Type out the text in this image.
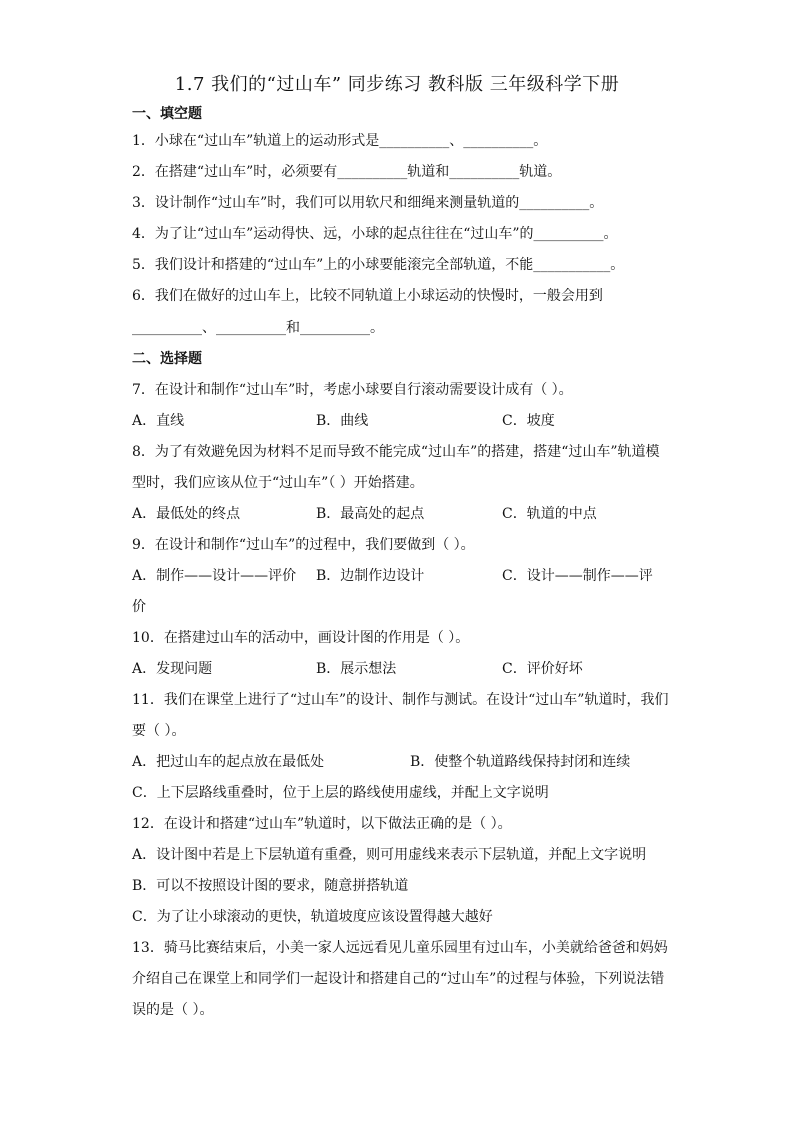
1.7 我们的“过山车” 同步练习 教科版 三年级科学下册
一、填空题
1．小球在“过山车”轨道上的运动形式是__________、__________。
2．在搭建“过山车”时，必须要有__________轨道和__________轨道。
3．设计制作“过山车”时，我们可以用软尺和细绳来测量轨道的__________。
4．为了让“过山车”运动得快、远，小球的起点往往在“过山车”的__________。
5．我们设计和搭建的“过山车”上的小球要能滚完全部轨道，不能___________。
6．我们在做好的过山车上，比较不同轨道上小球运动的快慢时，一般会用到
__________、__________和__________。
二、选择题
7．在设计和制作“过山车”时，考虑小球要自行滚动需要设计成有（ ）。
A．直线	B．曲线	C．坡度
8．为了有效避免因为材料不足而导致不能完成“过山车”的搭建，搭建“过山车”轨道模
型时，我们应该从位于“过山车”（ ）开始搭建。
A．最低处的终点	B．最高处的起点	C．轨道的中点
9．在设计和制作“过山车”的过程中，我们要做到（ ）。
A．制作——设计——评价 B．边制作边设计	C．设计——制作——评
价
10．在搭建过山车的活动中，画设计图的作用是（ ）。
A．发现问题	B．展示想法	C．评价好坏
11．我们在课堂上进行了“过山车”的设计、制作与测试。在设计“过山车”轨道时，我们
要（ ）。
A．把过山车的起点放在最低处	B．使整个轨道路线保持封闭和连续
C．上下层路线重叠时，位于上层的路线使用虚线，并配上文字说明
12．在设计和搭建“过山车”轨道时，以下做法正确的是（ ）。
A．设计图中若是上下层轨道有重叠，则可用虚线来表示下层轨道，并配上文字说明
B．可以不按照设计图的要求，随意拼搭轨道
C．为了让小球滚动的更快，轨道坡度应该设置得越大越好
13．骑马比赛结束后，小美一家人远远看见儿童乐园里有过山车，小美就给爸爸和妈妈
介绍自己在课堂上和同学们一起设计和搭建自己的“过山车”的过程与体验，下列说法错
误的是（ ）。
